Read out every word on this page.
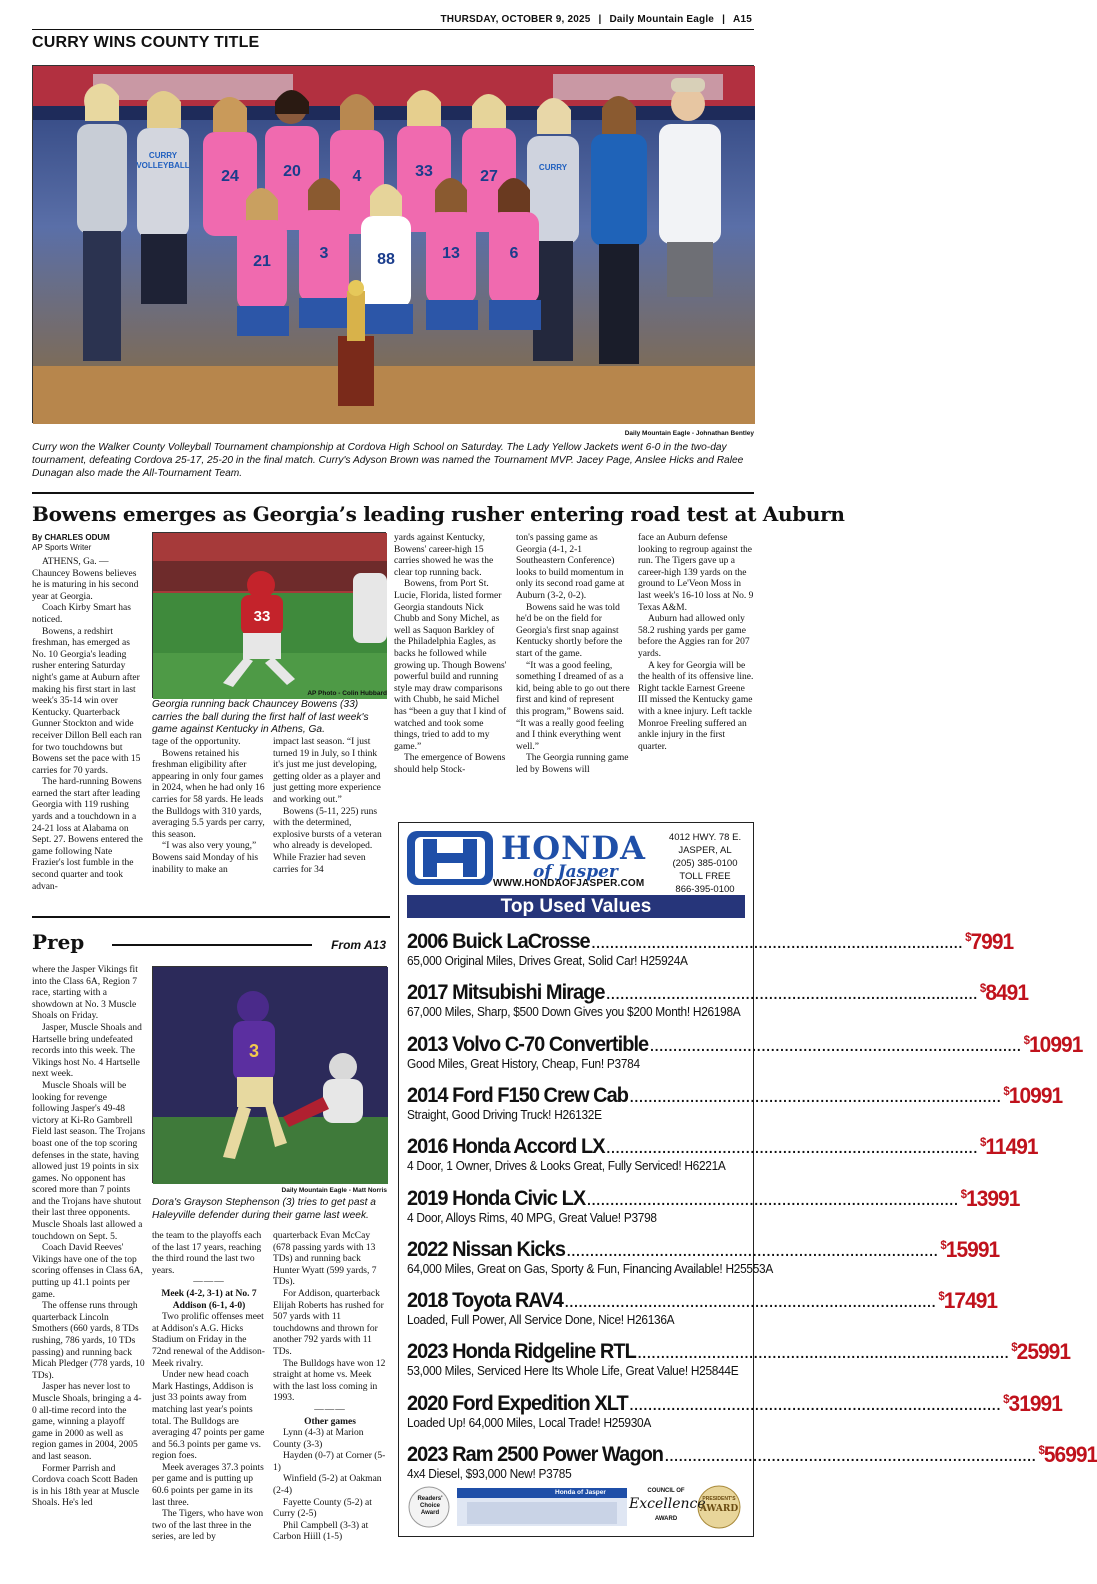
THURSDAY, OCTOBER 9, 2025 | Daily Mountain Eagle | A15
CURRY WINS COUNTY TITLE
24	20	4	33	27
21	3	88	13	6
CURRY
VOLLEYBALL	CURRY
Daily Mountain Eagle - Johnathan Bentley
Curry won the Walker County Volleyball Tournament championship at Cordova High School on Saturday. The Lady Yellow Jackets went 6-0 in the two-day tournament, defeating Cordova 25-17, 25-20 in the final match. Curry's Adyson Brown was named the Tournament MVP. Jacey Page, Anslee Hicks and Ralee Dunagan also made the All-Tournament Team.
Bowens emerges as Georgia’s leading rusher entering road test at Auburn
By CHARLES ODUM
AP Sports Writer

ATHENS, Ga. — Chauncey Bowens believes he is maturing in his second year at Georgia.

Coach Kirby Smart has noticed.

Bowens, a redshirt freshman, has emerged as No. 10 Georgia's leading rusher entering Saturday night's game at Auburn after making his first start in last week's 35-14 win over Kentucky. Quarterback Gunner Stockton and wide receiver Dillon Bell each ran for two touchdowns but Bowens set the pace with 15 carries for 70 yards.

The hard-running Bowens earned the start after leading Georgia with 119 rushing yards and a touchdown in a 24-21 loss at Alabama on Sept. 27. Bowens entered the game following Nate Frazier's lost fumble in the second quarter and took advan-

33
AP Photo - Colin Hubbard
Georgia running back Chauncey Bowens (33) carries the ball during the first half of last week's game against Kentucky in Athens, Ga.

tage of the opportunity.

Bowens retained his freshman eligibility after appearing in only four games in 2024, when he had only 16 carries for 58 yards. He leads the Bulldogs with 310 yards, averaging 5.5 yards per carry, this season.

“I was also very young,” Bowens said Monday of his inability to make an

impact last season. “I just turned 19 in July, so I think it's just me just developing, getting older as a player and just getting more experience and working out.”

Bowens (5-11, 225) runs with the determined, explosive bursts of a veteran who already is developed. While Frazier had seven carries for 34

yards against Kentucky, Bowens' career-high 15 carries showed he was the clear top running back.

Bowens, from Port St. Lucie, Florida, listed former Georgia standouts Nick Chubb and Sony Michel, as well as Saquon Barkley of the Philadelphia Eagles, as backs he followed while growing up. Though Bowens' powerful build and running style may draw comparisons with Chubb, he said Michel has “been a guy that I kind of watched and took some things, tried to add to my game.”

The emergence of Bowens should help Stock-

ton's passing game as Georgia (4-1, 2-1 Southeastern Conference) looks to build momentum in only its second road game at Auburn (3-2, 0-2).

Bowens said he was told he'd be on the field for Georgia's first snap against Kentucky shortly before the start of the game.

“It was a good feeling, something I dreamed of as a kid, being able to go out there first and kind of represent this program,” Bowens said. “It was a really good feeling and I think everything went well.”

The Georgia running game led by Bowens will

face an Auburn defense looking to regroup against the run. The Tigers gave up a career-high 139 yards on the ground to Le'Veon Moss in last week's 16-10 loss at No. 9 Texas A&M.

Auburn had allowed only 58.2 rushing yards per game before the Aggies ran for 207 yards.

A key for Georgia will be the health of its offensive line. Right tackle Earnest Greene III missed the Kentucky game with a knee injury. Left tackle Monroe Freeling suffered an ankle injury in the first quarter.

Prep	From A13

where the Jasper Vikings fit into the Class 6A, Region 7 race, starting with a showdown at No. 3 Muscle Shoals on Friday.

Jasper, Muscle Shoals and Hartselle bring undefeated records into this week. The Vikings host No. 4 Hartselle next week.

Muscle Shoals will be looking for revenge following Jasper's 49-48 victory at Ki-Ro Gambrell Field last season. The Trojans boast one of the top scoring defenses in the state, having allowed just 19 points in six games. No opponent has scored more than 7 points and the Trojans have shutout their last three opponents. Muscle Shoals last allowed a touchdown on Sept. 5.

Coach David Reeves' Vikings have one of the top scoring offenses in Class 6A, putting up 41.1 points per game.

The offense runs through quarterback Lincoln Smothers (660 yards, 8 TDs rushing, 786 yards, 10 TDs passing) and running back Micah Pledger (778 yards, 10 TDs).

Jasper has never lost to Muscle Shoals, bringing a 4-0 all-time record into the game, winning a playoff game in 2000 as well as region games in 2004, 2005 and last season.

Former Parrish and Cordova coach Scott Baden is in his 18th year at Muscle Shoals. He's led

3
Daily Mountain Eagle - Matt Norris
Dora's Grayson Stephenson (3) tries to get past a Haleyville defender during their game last week.

the team to the playoffs each of the last 17 years, reaching the third round the last two years.

———

Meek (4-2, 3-1) at No. 7 Addison (6-1, 4-0)

Two prolific offenses meet at Addison's A.G. Hicks Stadium on Friday in the 72nd renewal of the Addison-Meek rivalry.

Under new head coach Mark Hastings, Addison is just 33 points away from matching last year's points total. The Bulldogs are averaging 47 points per game and 56.3 points per game vs. region foes.

Meek averages 37.3 points per game and is putting up 60.6 points per game in its last three.

The Tigers, who have won two of the last three in the series, are led by

quarterback Evan McCay (678 passing yards with 13 TDs) and running back Hunter Wyatt (599 yards, 7 TDs).

For Addison, quarterback Elijah Roberts has rushed for 507 yards with 11 touchdowns and thrown for another 792 yards with 11 TDs.

The Bulldogs have won 12 straight at home vs. Meek with the last loss coming in 1993.

———

Other games

Lynn (4-3) at Marion County (3-3)

Hayden (0-7) at Corner (5-1)

Winfield (5-2) at Oakman (2-4)

Fayette County (5-2) at Curry (2-5)

Phil Campbell (3-3) at Carbon Hiill (1-5)

HONDA
of Jasper
WWW.HONDAOFJASPER.COM
4012 HWY. 78 E.
JASPER, AL
(205) 385-0100
TOLL FREE
866-395-0100
Top Used Values
2006 Buick LaCrosse ................................................................................ $7991
65,000 Original Miles, Drives Great, Solid Car! H25924A
2017 Mitsubishi Mirage ................................................................................ $8491
67,000 Miles, Sharp, $500 Down Gives you $200 Month! H26198A
2013 Volvo C-70 Convertible ................................................................................ $10991
Good Miles, Great History, Cheap, Fun! P3784
2014 Ford F150 Crew Cab ................................................................................ $10991
Straight, Good Driving Truck! H26132E
2016 Honda Accord LX ................................................................................ $11491
4 Door, 1 Owner, Drives & Looks Great, Fully Serviced! H6221A
2019 Honda Civic LX ................................................................................ $13991
4 Door, Alloys Rims, 40 MPG, Great Value! P3798
2022 Nissan Kicks ................................................................................ $15991
64,000 Miles, Great on Gas, Sporty & Fun, Financing Available! H25553A
2018 Toyota RAV4 ................................................................................ $17491
Loaded, Full Power, All Service Done, Nice! H26136A
2023 Honda Ridgeline RTL ................................................................................ $25991
53,000 Miles, Serviced Here Its Whole Life, Great Value! H25844E
2020 Ford Expedition XLT ................................................................................ $31991
Loaded Up! 64,000 Miles, Local Trade! H25930A
2023 Ram 2500 Power Wagon ................................................................................ $56991
4x4 Diesel, $93,000 New! P3785
Readers' Choice Award
Honda of Jasper	COUNCIL OF
Excellence
AWARD
PRESIDENT'S
AWARD
